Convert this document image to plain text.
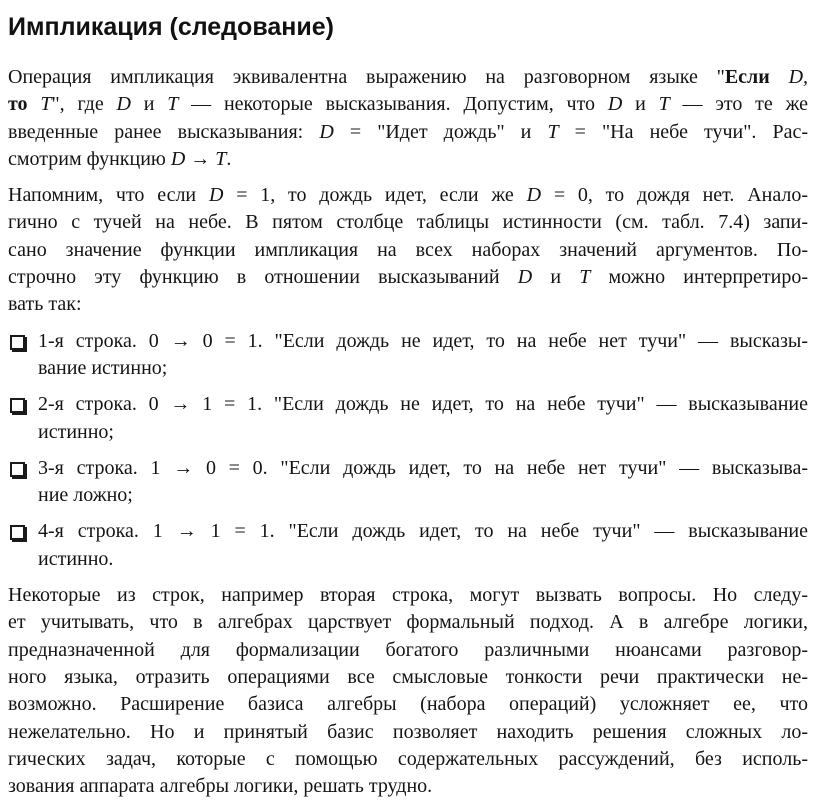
Импликация (следование)
Операция импликация эквивалентна выражению на разговорном языке "Если D,
то T", где D и T — некоторые высказывания. Допустим, что D и T — это те же
введенные ранее высказывания: D = "Идет дождь" и T = "На небе тучи". Рас-
смотрим функцию D → T.
Напомним, что если D = 1, то дождь идет, если же D = 0, то дождя нет. Анало-
гично с тучей на небе. В пятом столбце таблицы истинности (см. табл. 7.4) запи-
сано значение функции импликация на всех наборах значений аргументов. По-
строчно эту функцию в отношении высказываний D и T можно интерпретиро-
вать так:
1-я строка. 0 → 0 = 1. "Если дождь не идет, то на небе нет тучи" — высказы-
вание истинно;
2-я строка. 0 → 1 = 1. "Если дождь не идет, то на небе тучи" — высказывание
истинно;
3-я строка. 1 → 0 = 0. "Если дождь идет, то на небе нет тучи" — высказыва-
ние ложно;
4-я строка. 1 → 1 = 1. "Если дождь идет, то на небе тучи" — высказывание
истинно.
Некоторые из строк, например вторая строка, могут вызвать вопросы. Но следу-
ет учитывать, что в алгебрах царствует формальный подход. А в алгебре логики,
предназначенной для формализации богатого различными нюансами разговор-
ного языка, отразить операциями все смысловые тонкости речи практически не-
возможно. Расширение базиса алгебры (набора операций) усложняет ее, что
нежелательно. Но и принятый базис позволяет находить решения сложных ло-
гических задач, которые с помощью содержательных рассуждений, без исполь-
зования аппарата алгебры логики, решать трудно.
